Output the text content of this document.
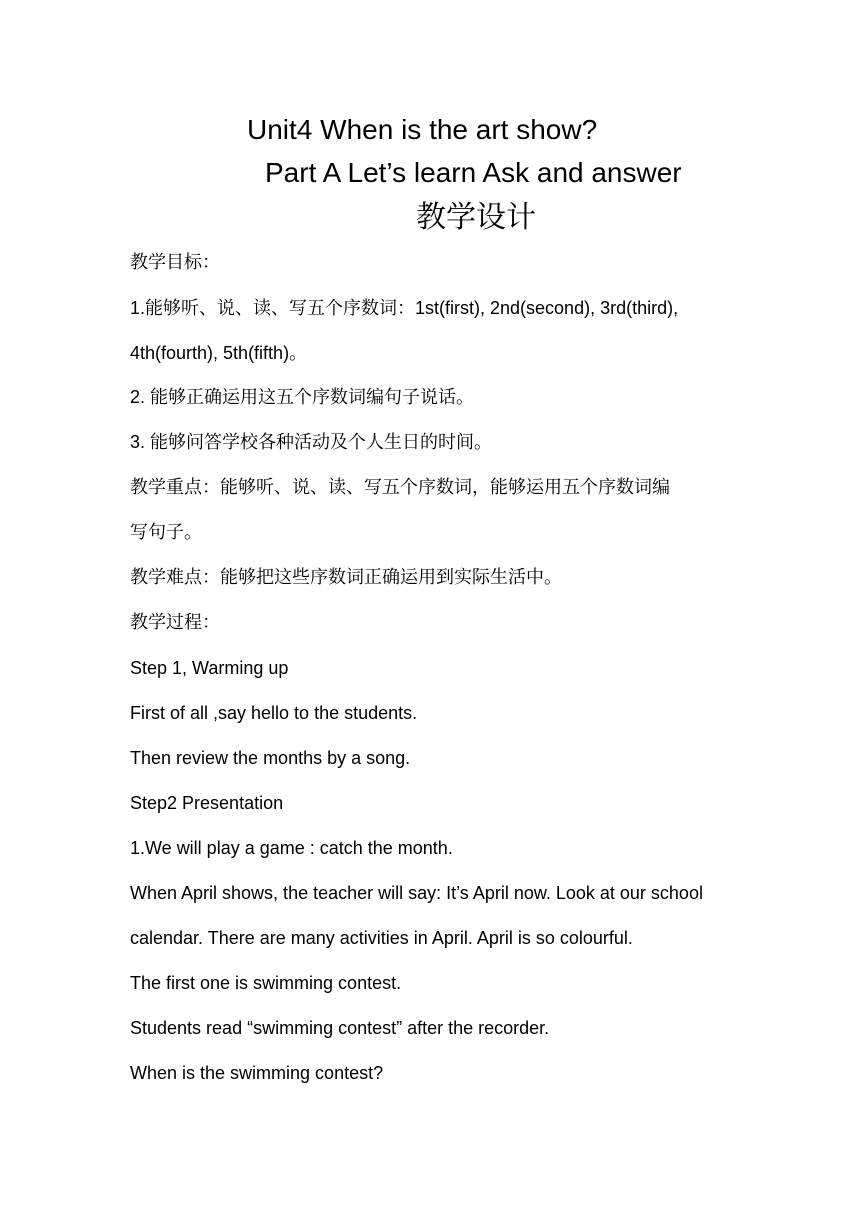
Unit4 When is the art show?
Part A Let’s learn Ask and answer
教学设计
教学目标：
1.能够听、说、读、写五个序数词：1st(first), 2nd(second), 3rd(third),
4th(fourth), 5th(fifth)。
2. 能够正确运用这五个序数词编句子说话。
3. 能够问答学校各种活动及个人生日的时间。
教学重点：能够听、说、读、写五个序数词，能够运用五个序数词编
写句子。
教学难点：能够把这些序数词正确运用到实际生活中。
教学过程：
Step 1, Warming up
First of all ,say hello to the students.
Then review the months by a song.
Step2 Presentation
1.We will play a game : catch the month.
When April shows, the teacher will say: It’s April now. Look at our school
calendar. There are many activities in April. April is so colourful.
The first one is swimming contest.
Students read “swimming contest” after the recorder.
When is the swimming contest?
